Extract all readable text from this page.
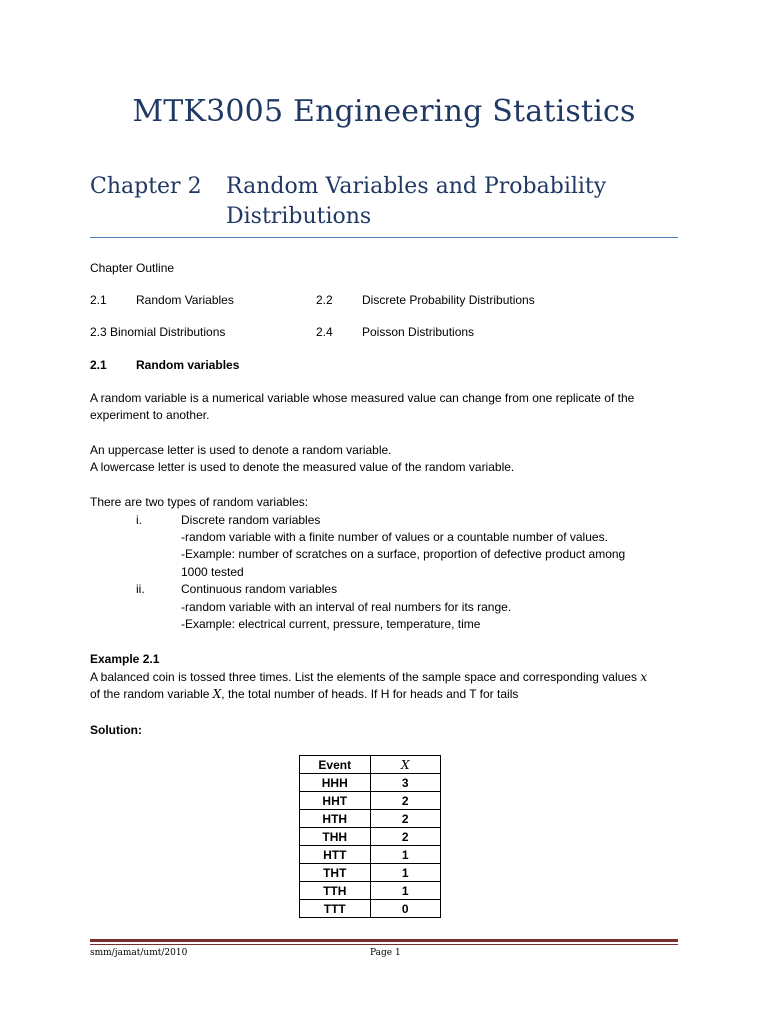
MTK3005 Engineering Statistics
Chapter 2 Random Variables and Probability Distributions
Chapter Outline
2.1 Random Variables	2.2 Discrete Probability Distributions
2.3 Binomial Distributions	2.4 Poisson Distributions
2.1 Random variables
A random variable is a numerical variable whose measured value can change from one replicate of the experiment to another.
An uppercase letter is used to denote a random variable.
A lowercase letter is used to denote the measured value of the random variable.
There are two types of random variables:
i.	Discrete random variables
-random variable with a finite number of values or a countable number of values.
-Example: number of scratches on a surface, proportion of defective product among
1000 tested
ii.	Continuous random variables
-random variable with an interval of real numbers for its range.
-Example: electrical current, pressure, temperature, time
Example 2.1
A balanced coin is tossed three times. List the elements of the sample space and corresponding values x
of the random variable X, the total number of heads. If H for heads and T for tails
Solution:
Event	X
HHH	3
HHT	2
HTH	2
THH	2
HTT	1
THT	1
TTH	1
TTT	0
smm/jamat/umt/2010	Page 1
